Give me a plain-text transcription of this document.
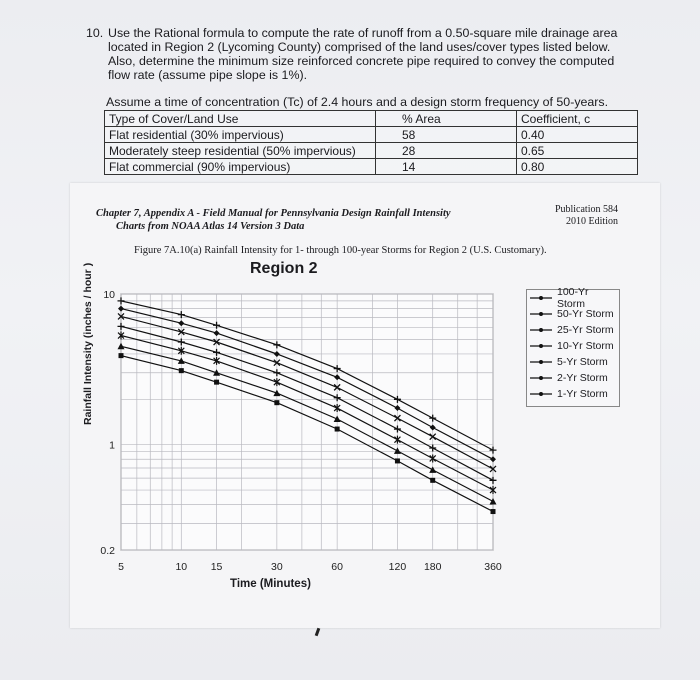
10. Use the Rational formula to compute the rate of runoff from a 0.50-square mile drainage area
located in Region 2 (Lycoming County) comprised of the land uses/cover types listed below.
Also, determine the minimum size reinforced concrete pipe required to convey the computed
flow rate (assume pipe slope is 1%).
Assume a time of concentration (Tc) of 2.4 hours and a design storm frequency of 50-years.
Type of Cover/Land Use	% Area	Coefficient, c
Flat residential (30% impervious)	58	0.40
Moderately steep residential (50% impervious)	28	0.65
Flat commercial (90% impervious)	14	0.80
Chapter 7, Appendix A - Field Manual for Pennsylvania Design Rainfall Intensity
Charts from NOAA Atlas 14 Version 3 Data
Publication 584
2010 Edition
Figure 7A.10(a) Rainfall Intensity for 1- through 100-year Storms for Region 2 (U.S. Customary).
Region 2
Rainfall Intensity (inches / hour )
Time (Minutes)
5	10 15	30	60	120 180	360
10
1
0.2
100-Yr Storm
50-Yr Storm
25-Yr Storm
10-Yr Storm
5-Yr Storm
2-Yr Storm
1-Yr Storm
